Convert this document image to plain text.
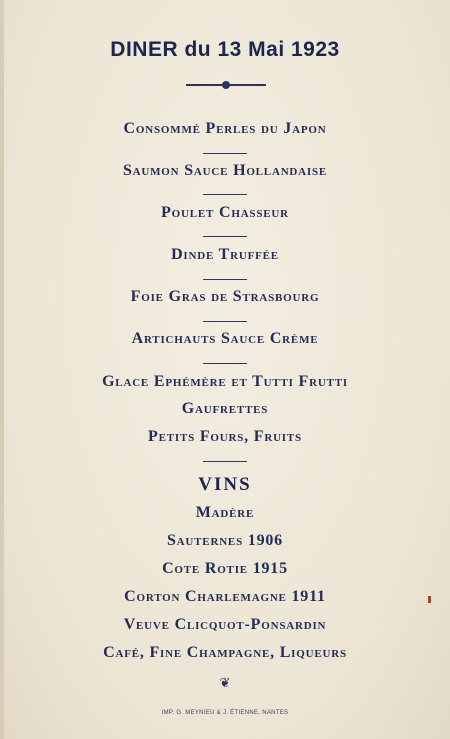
DINER du 13 Mai 1923
Consommé Perles du Japon
Saumon Sauce Hollandaise
Poulet Chasseur
Dinde Truffée
Foie Gras de Strasbourg
Artichauts Sauce Crème
Glace Ephémère et Tutti Frutti
Gaufrettes
Petits Fours, Fruits
VINS
Madère
Sauternes 1906
Cote Rotie 1915
Corton Charlemagne 1911
Veuve Clicquot-Ponsardin
Café, Fine Champagne, Liqueurs
❦
IMP. G. MEYNIEU & J. ÉTIENNE, NANTES
